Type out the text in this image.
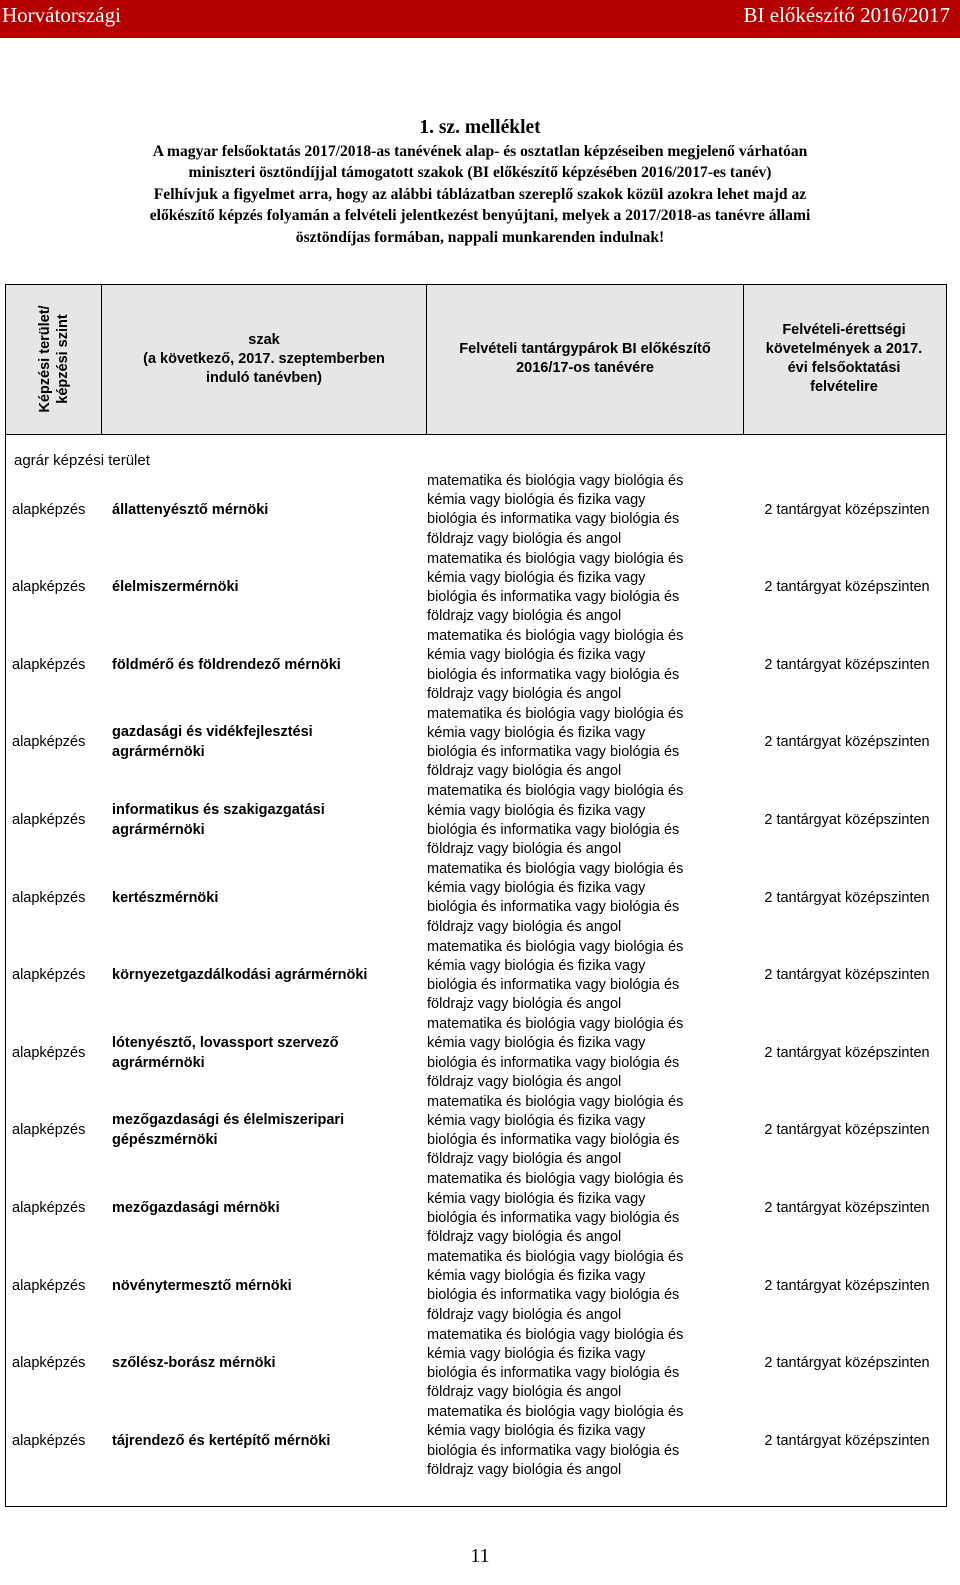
Horvátországi	BI előkészítő 2016/2017
1. sz. melléklet
A magyar felsőoktatás 2017/2018-as tanévének alap- és osztatlan képzéseiben megjelenő várhatóan
miniszteri ösztöndíjjal támogatott szakok (BI előkészítő képzésében 2016/2017-es tanév)
Felhívjuk a figyelmet arra, hogy az alábbi táblázatban szereplő szakok közül azokra lehet majd az
előkészítő képzés folyamán a felvételi jelentkezést benyújtani, melyek a 2017/2018-as tanévre állami
ösztöndíjas formában, nappali munkarenden indulnak!
Képzési terület/ képzési szint	szak
(a következő, 2017. szeptemberben
induló tanévben)
Felvételi tantárgypárok BI előkészítő
2016/17-os tanévére
Felvételi-érettségi
követelmények a 2017.
évi felsőoktatási
felvételire
agrár képzési terület
alapképzés állattenyésztő mérnöki
matematika és biológia vagy biológia és
kémia vagy biológia és fizika vagy
biológia és informatika vagy biológia és
földrajz vagy biológia és angol
2 tantárgyat középszinten
alapképzés élelmiszermérnöki
matematika és biológia vagy biológia és
kémia vagy biológia és fizika vagy
biológia és informatika vagy biológia és
földrajz vagy biológia és angol
2 tantárgyat középszinten
alapképzés földmérő és földrendező mérnöki
matematika és biológia vagy biológia és
kémia vagy biológia és fizika vagy
biológia és informatika vagy biológia és
földrajz vagy biológia és angol
2 tantárgyat középszinten
alapképzés
gazdasági és vidékfejlesztési
agrármérnöki
matematika és biológia vagy biológia és
kémia vagy biológia és fizika vagy
biológia és informatika vagy biológia és
földrajz vagy biológia és angol
2 tantárgyat középszinten
alapképzés
informatikus és szakigazgatási
agrármérnöki
matematika és biológia vagy biológia és
kémia vagy biológia és fizika vagy
biológia és informatika vagy biológia és
földrajz vagy biológia és angol
2 tantárgyat középszinten
alapképzés kertészmérnöki
matematika és biológia vagy biológia és
kémia vagy biológia és fizika vagy
biológia és informatika vagy biológia és
földrajz vagy biológia és angol
2 tantárgyat középszinten
alapképzés környezetgazdálkodási agrármérnöki
matematika és biológia vagy biológia és
kémia vagy biológia és fizika vagy
biológia és informatika vagy biológia és
földrajz vagy biológia és angol
2 tantárgyat középszinten
alapképzés
lótenyésztő, lovassport szervező
agrármérnöki
matematika és biológia vagy biológia és
kémia vagy biológia és fizika vagy
biológia és informatika vagy biológia és
földrajz vagy biológia és angol
2 tantárgyat középszinten
alapképzés
mezőgazdasági és élelmiszeripari
gépészmérnöki
matematika és biológia vagy biológia és
kémia vagy biológia és fizika vagy
biológia és informatika vagy biológia és
földrajz vagy biológia és angol
2 tantárgyat középszinten
alapképzés mezőgazdasági mérnöki
matematika és biológia vagy biológia és
kémia vagy biológia és fizika vagy
biológia és informatika vagy biológia és
földrajz vagy biológia és angol
2 tantárgyat középszinten
alapképzés növénytermesztő mérnöki
matematika és biológia vagy biológia és
kémia vagy biológia és fizika vagy
biológia és informatika vagy biológia és
földrajz vagy biológia és angol
2 tantárgyat középszinten
alapképzés szőlész-borász mérnöki
matematika és biológia vagy biológia és
kémia vagy biológia és fizika vagy
biológia és informatika vagy biológia és
földrajz vagy biológia és angol
2 tantárgyat középszinten
alapképzés tájrendező és kertépítő mérnöki
matematika és biológia vagy biológia és
kémia vagy biológia és fizika vagy
biológia és informatika vagy biológia és
földrajz vagy biológia és angol
2 tantárgyat középszinten
11
